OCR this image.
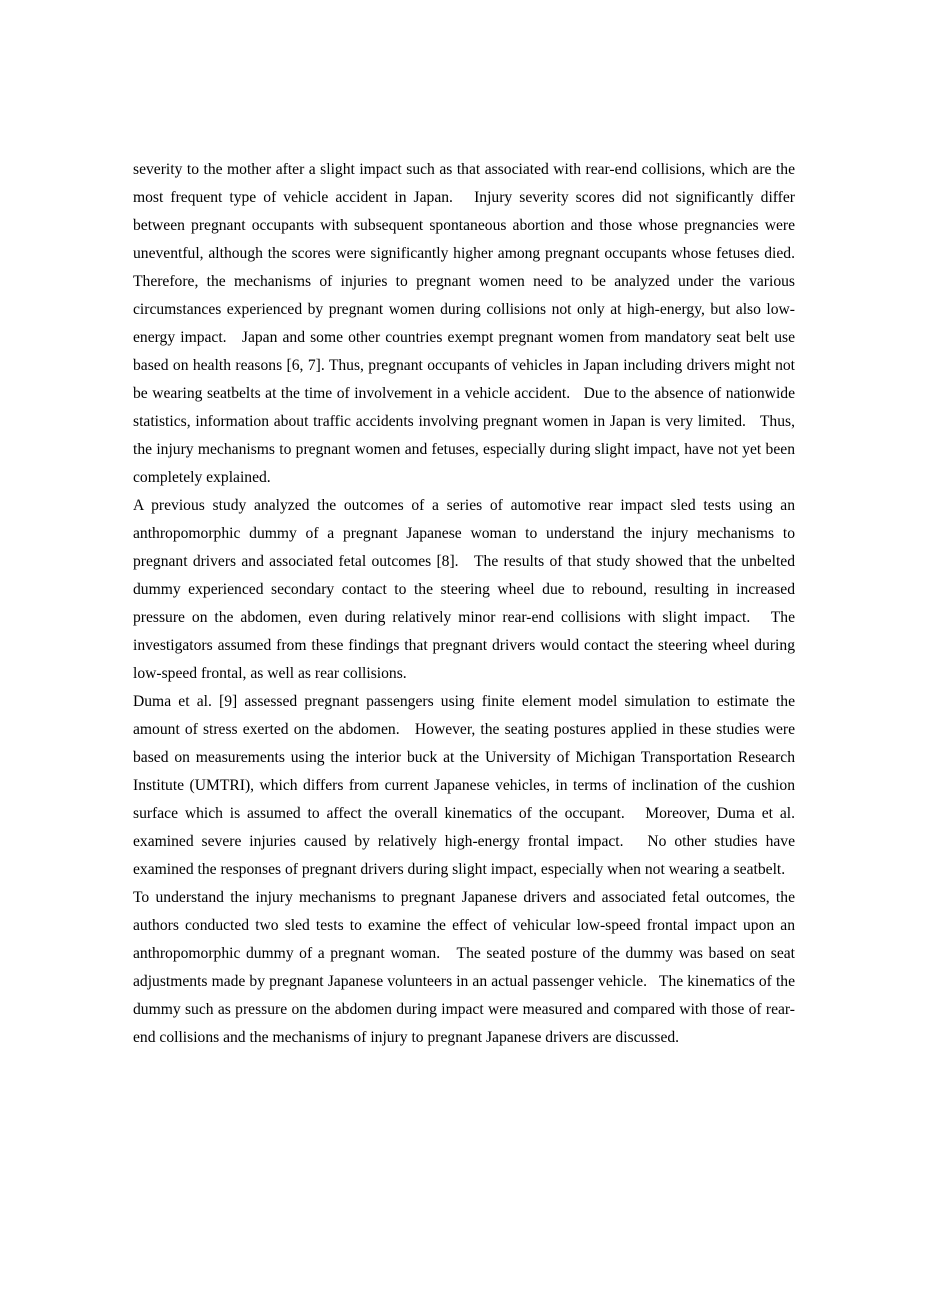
severity to the mother after a slight impact such as that associated with rear-end collisions, which are the most frequent type of vehicle accident in Japan.   Injury severity scores did not significantly differ between pregnant occupants with subsequent spontaneous abortion and those whose pregnancies were uneventful, although the scores were significantly higher among pregnant occupants whose fetuses died.   Therefore, the mechanisms of injuries to pregnant women need to be analyzed under the various circumstances experienced by pregnant women during collisions not only at high-energy, but also low-energy impact.   Japan and some other countries exempt pregnant women from mandatory seat belt use based on health reasons [6, 7]. Thus, pregnant occupants of vehicles in Japan including drivers might not be wearing seatbelts at the time of involvement in a vehicle accident.   Due to the absence of nationwide statistics, information about traffic accidents involving pregnant women in Japan is very limited.   Thus, the injury mechanisms to pregnant women and fetuses, especially during slight impact, have not yet been completely explained.

A previous study analyzed the outcomes of a series of automotive rear impact sled tests using an anthropomorphic dummy of a pregnant Japanese woman to understand the injury mechanisms to pregnant drivers and associated fetal outcomes [8].   The results of that study showed that the unbelted dummy experienced secondary contact to the steering wheel due to rebound, resulting in increased pressure on the abdomen, even during relatively minor rear-end collisions with slight impact.   The investigators assumed from these findings that pregnant drivers would contact the steering wheel during low-speed frontal, as well as rear collisions.

Duma et al. [9] assessed pregnant passengers using finite element model simulation to estimate the amount of stress exerted on the abdomen.   However, the seating postures applied in these studies were based on measurements using the interior buck at the University of Michigan Transportation Research Institute (UMTRI), which differs from current Japanese vehicles, in terms of inclination of the cushion surface which is assumed to affect the overall kinematics of the occupant.   Moreover, Duma et al. examined severe injuries caused by relatively high-energy frontal impact.   No other studies have examined the responses of pregnant drivers during slight impact, especially when not wearing a seatbelt.

To understand the injury mechanisms to pregnant Japanese drivers and associated fetal outcomes, the authors conducted two sled tests to examine the effect of vehicular low-speed frontal impact upon an anthropomorphic dummy of a pregnant woman.   The seated posture of the dummy was based on seat adjustments made by pregnant Japanese volunteers in an actual passenger vehicle.   The kinematics of the dummy such as pressure on the abdomen during impact were measured and compared with those of rear-end collisions and the mechanisms of injury to pregnant Japanese drivers are discussed.
